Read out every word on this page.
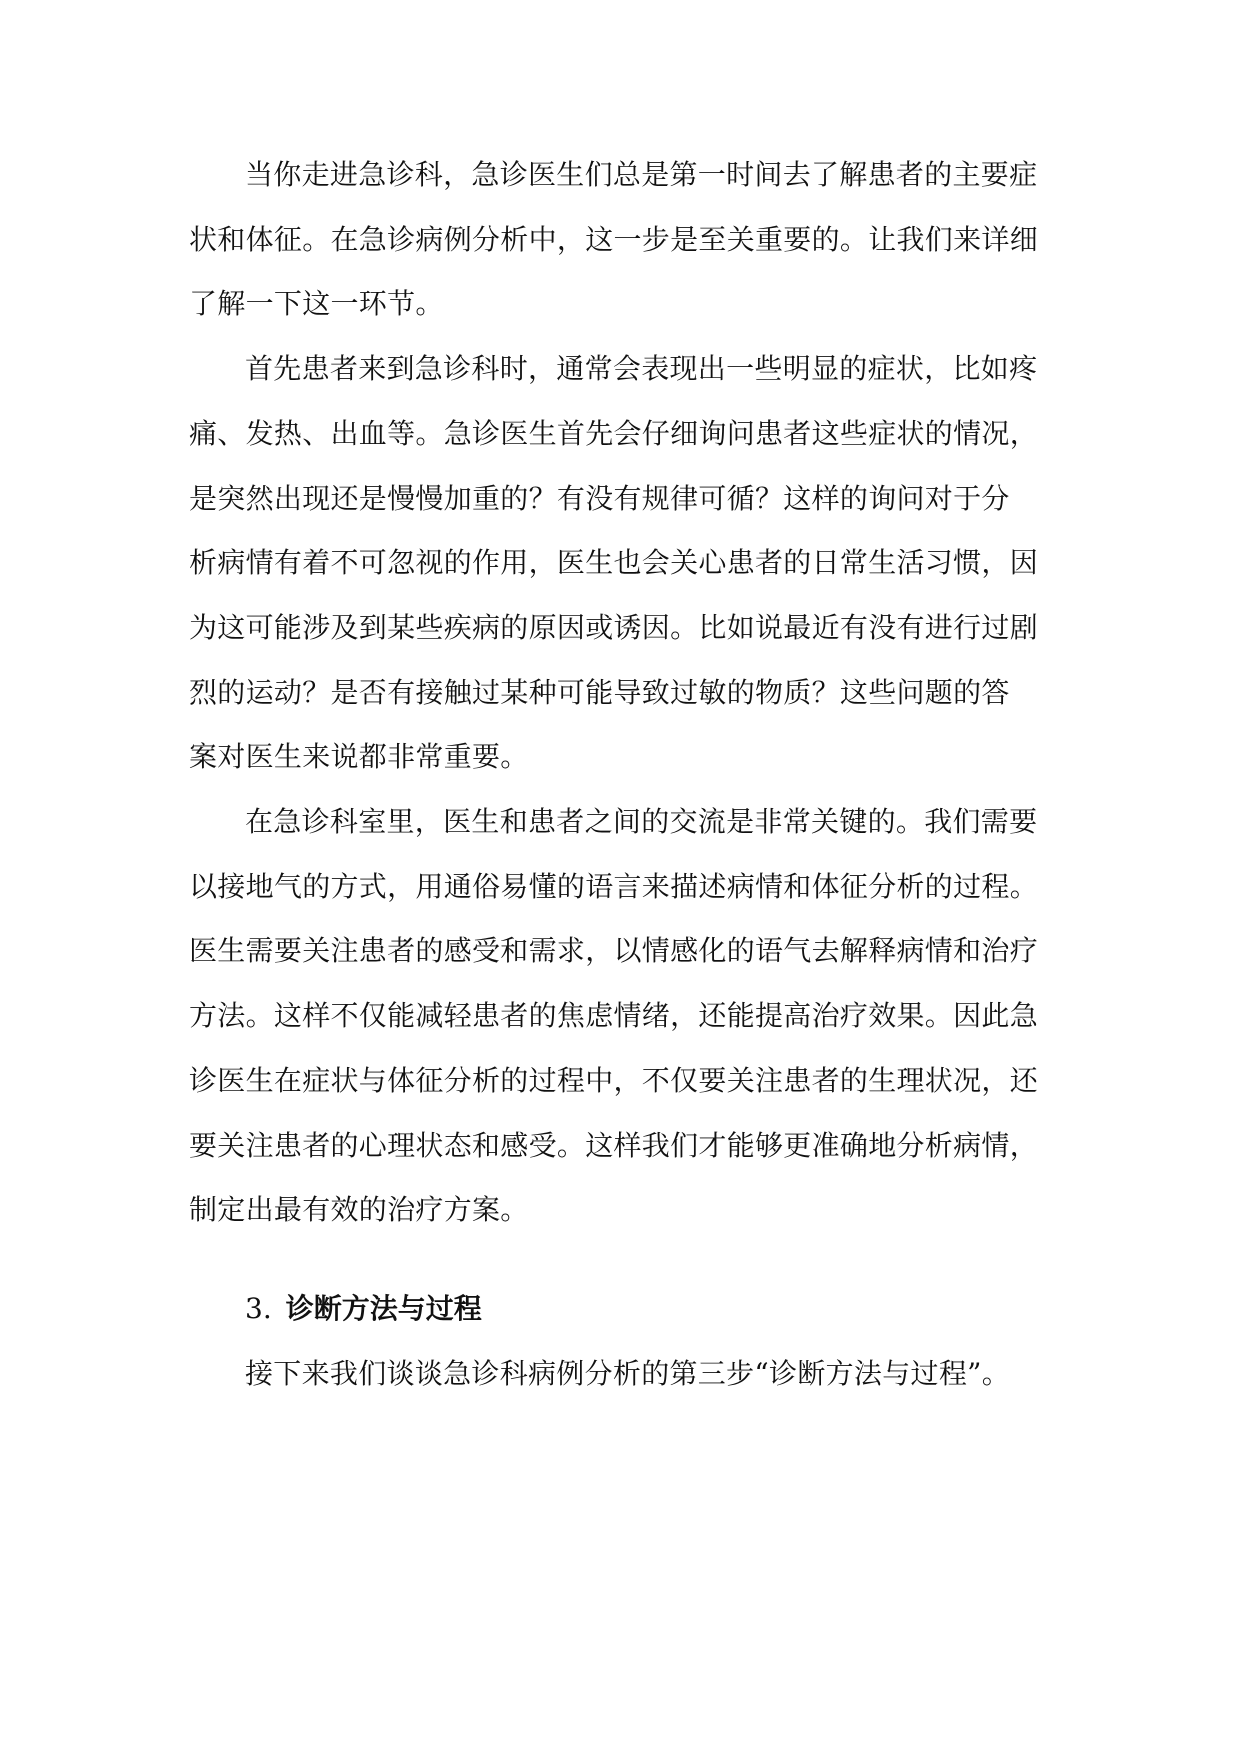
当你走进急诊科，急诊医生们总是第一时间去了解患者的主要症
状和体征。在急诊病例分析中，这一步是至关重要的。让我们来详细
了解一下这一环节。

首先患者来到急诊科时，通常会表现出一些明显的症状，比如疼
痛、发热、出血等。急诊医生首先会仔细询问患者这些症状的情况，
是突然出现还是慢慢加重的？有没有规律可循？这样的询问对于分
析病情有着不可忽视的作用，医生也会关心患者的日常生活习惯，因
为这可能涉及到某些疾病的原因或诱因。比如说最近有没有进行过剧
烈的运动？是否有接触过某种可能导致过敏的物质？这些问题的答
案对医生来说都非常重要。

在急诊科室里，医生和患者之间的交流是非常关键的。我们需要
以接地气的方式，用通俗易懂的语言来描述病情和体征分析的过程。
医生需要关注患者的感受和需求，以情感化的语气去解释病情和治疗
方法。这样不仅能减轻患者的焦虑情绪，还能提高治疗效果。因此急
诊医生在症状与体征分析的过程中，不仅要关注患者的生理状况，还
要关注患者的心理状态和感受。这样我们才能够更准确地分析病情，
制定出最有效的治疗方案。

3. 诊断方法与过程

接下来我们谈谈急诊科病例分析的第三步“诊断方法与过程”。
